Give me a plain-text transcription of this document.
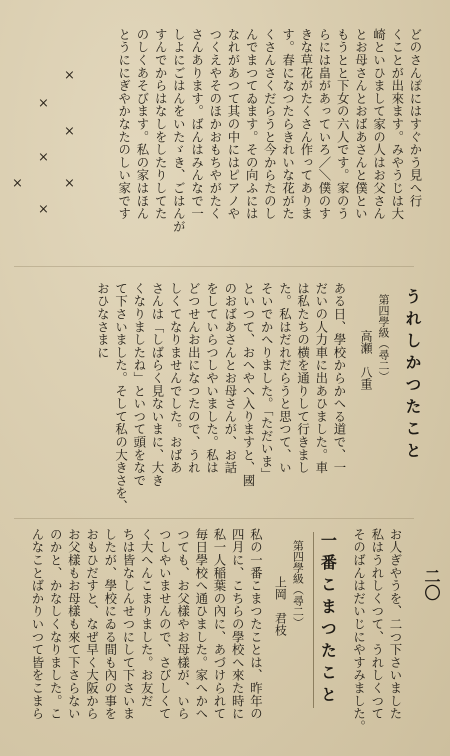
二〇
どのさんぽにはすぐかう見へ行
くことが出來ます。みやうじは大
崎といひまして家の人はお父さん
とお母さんとおばあさんと僕とい
もうとと下女の六人です。家のう
らには畠があっていろ／＼僕のす
きな草花がたくさん作ってありま
す。春になつたらきれいな花がた
くさんさくだらうと今からたのし
んでまつてゐます。その向ふには
なれがあつて其の中にはピアノや
つくえやそのほかおもちやがたく
さんあります。ばんはみんなで一
しよにごはんをいたゞき、ごはんが
すんでからはなしをしたりしてた
のしくあそびます。私の家はほん
とうににぎやかなたのしい家です
×
×
×
×
×
×
×
うれしかつたこと
第四學級（尋二）
高瀬　八重
ある日、學校からかへる道で、一
だいの人力車に出あひました。車
は私たちの横を通りして行きまし
た。私はだれだらうと思つて、い
そいでかへりました。「ただいま」
といつて、おへやへ入りますと、國
のおばあさんとお母さんが、お話
をしていらつしやいました。私は
どつせんお出になつたので、うれ
しくてなりませんでした。おばあ
さんは「しばらく見ないまに、大き
くなりましたね」といつて頭をなで
て下さいました。そして私の大きさを、
おひなさまに
お人ぎやうを、二つ下さいました
私はうれしくつて、うれしくつて
そのばんはだいじにやすみました。
一番こまつたこと
第四學級（尋二）
上岡　君枝
私の一番こまつたことは、昨年の
四月に、こちらの學校へ來た時に
私一人稲葉の內に、あづけられて
毎日學校へ通ひました。家へかへ
つても、お父樣やお母樣が、いら
つしやいませんので、さびしくて
く大へんこまりました。お友だ
ちは皆なしんせつにして下さいま
したが、學校にゐる間も內の事を
おもひだすと、なぜ早く大阪から
お父樣もお母樣も來て下さらない
のかと、かなしくなりました。こ
んなことばかりいつて皆をこまら
